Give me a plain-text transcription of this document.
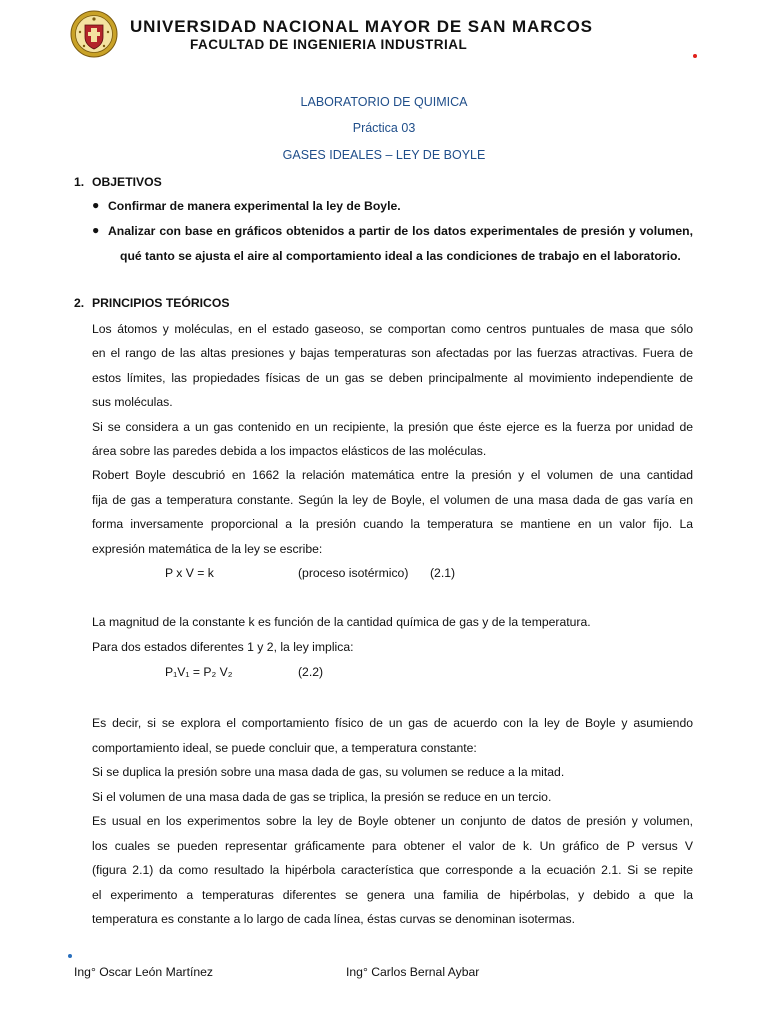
UNIVERSIDAD NACIONAL MAYOR DE SAN MARCOS
FACULTAD DE INGENIERIA INDUSTRIAL
LABORATORIO DE QUIMICA
Práctica 03
GASES IDEALES – LEY DE BOYLE
1. OBJETIVOS
● Confirmar de manera experimental la ley de Boyle.
● Analizar con base en gráficos obtenidos a partir de los datos experimentales de presión y volumen,
qué tanto se ajusta el aire al comportamiento ideal a las condiciones de trabajo en el laboratorio.
2. PRINCIPIOS TEÓRICOS
Los átomos y moléculas, en el estado gaseoso, se comportan como centros puntuales de masa que sólo
en el rango de las altas presiones y bajas temperaturas son afectadas por las fuerzas atractivas. Fuera de
estos límites, las propiedades físicas de un gas se deben principalmente al movimiento independiente de
sus moléculas.
Si se considera a un gas contenido en un recipiente, la presión que éste ejerce es la fuerza por unidad de
área sobre las paredes debida a los impactos elásticos de las moléculas.
Robert Boyle descubrió en 1662 la relación matemática entre la presión y el volumen de una cantidad
fija de gas a temperatura constante. Según la ley de Boyle, el volumen de una masa dada de gas varía en
forma inversamente proporcional a la presión cuando la temperatura se mantiene en un valor fijo. La
expresión matemática de la ley se escribe:
P x V = k	(proceso isotérmico) (2.1)
La magnitud de la constante k es función de la cantidad química de gas y de la temperatura.
Para dos estados diferentes 1 y 2, la ley implica:
P₁V₁ = P₂ V₂	(2.2)
Es decir, si se explora el comportamiento físico de un gas de acuerdo con la ley de Boyle y asumiendo
comportamiento ideal, se puede concluir que, a temperatura constante:
Si se duplica la presión sobre una masa dada de gas, su volumen se reduce a la mitad.
Si el volumen de una masa dada de gas se triplica, la presión se reduce en un tercio.
Es usual en los experimentos sobre la ley de Boyle obtener un conjunto de datos de presión y volumen,
los cuales se pueden representar gráficamente para obtener el valor de k. Un gráfico de P versus V
(figura 2.1) da como resultado la hipérbola característica que corresponde a la ecuación 2.1. Si se repite
el experimento a temperaturas diferentes se genera una familia de hipérbolas, y debido a que la
temperatura es constante a lo largo de cada línea, éstas curvas se denominan isotermas.
Ing° Oscar León Martínez	Ing° Carlos Bernal Aybar
